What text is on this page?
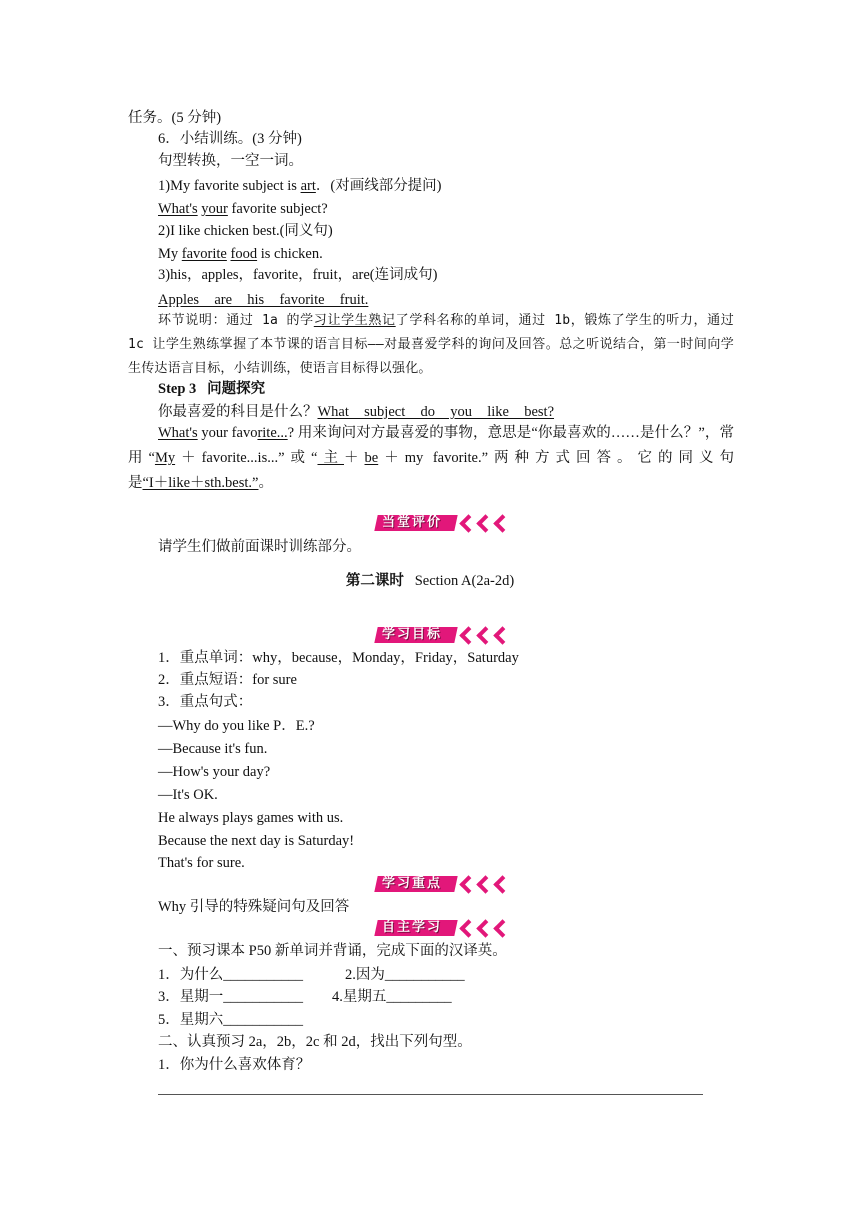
任务。(5 分钟)
6．小结训练。(3 分钟)
句型转换，一空一词。
1)My favorite subject is art．(对画线部分提问)
What's your favorite subject?
2)I like chicken best.(同义句)
My favorite food is chicken.
3)his，apples，favorite，fruit，are(连词成句)
Apples  are  his  favorite  fruit.
环节说明：通过 1a 的学习让学生熟记了学科名称的单词，通过 1b，锻炼了学生的听力，通过 1c 让学生熟练掌握了本节课的语言目标——对最喜爱学科的询问及回答。总之听说结合，第一时间向学生传达语言目标，小结训练，使语言目标得以强化。
Step 3 问题探究
你最喜爱的科目是什么？What  subject  do  you  like  best?
What's your favorite...? 用来询问对方最喜爱的事物，意思是“你最喜欢的……是什么？”，常用“My＋favorite...is...”或“主＋be＋my favorite.”两种方式回答。它的同义句是“I＋like＋sth.best.”。
当堂评价
请学生们做前面课时训练部分。
第二课时 Section A(2a-2d)
学习目标
1．重点单词：why，because，Monday，Friday，Saturday
2．重点短语：for sure
3．重点句式：
—Why do you like P．E.?
—Because it's fun.
—How's your day?
—It's OK.
He always plays games with us.
Because the next day is Saturday!
That's for sure.
学习重点
Why 引导的特殊疑问句及回答
自主学习
一、预习课本 P50 新单词并背诵，完成下面的汉译英。
1．为什么___________	2.因为___________
3．星期一___________ 4.星期五_________
5．星期六___________
二、认真预习 2a，2b，2c 和 2d，找出下列句型。
1．你为什么喜欢体育？
